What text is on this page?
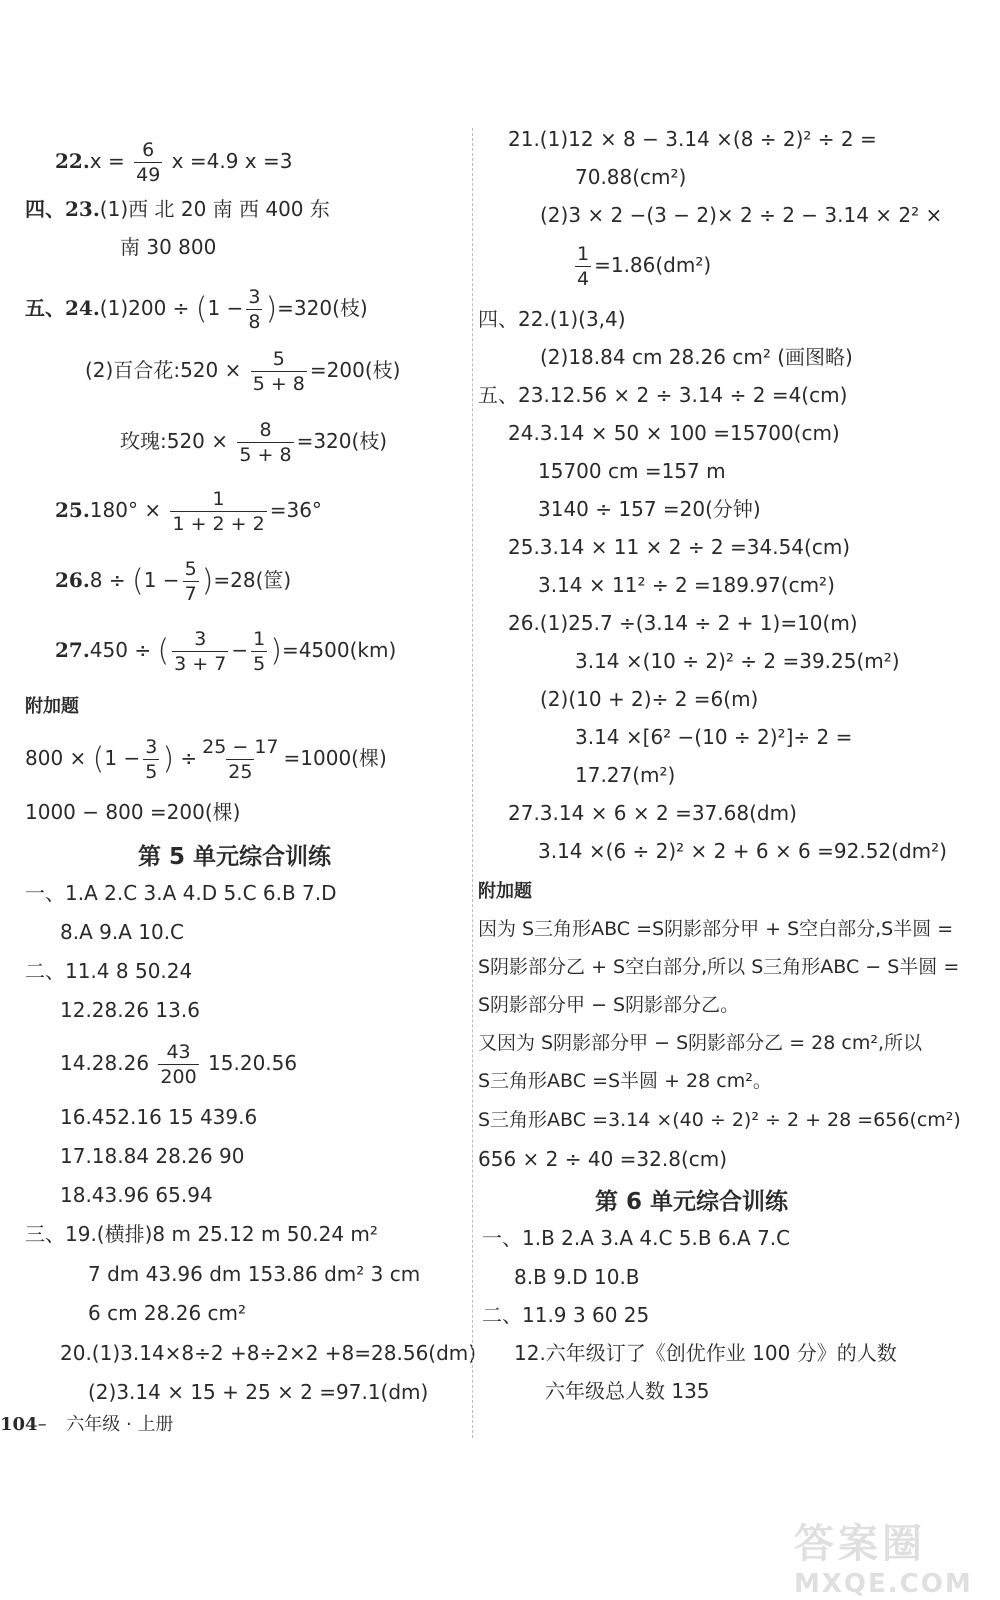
$22.x = \frac{6}{49}$ x =4.9 x =3
四、23.(1)西 北 20 南 西 400 东
南 30 800
五、$24.(1)200 \div (1 - \frac{3}{8} )=320$(枝)
(2)百合花:520 × $\frac{5}{5 + 8} =200$(枝)
玫瑰:520 × $\frac{8}{5 + 8} =320$(枝)
$25.180^\circ \times \frac{1}{1 + 2 + 2} =36^\circ$
$26.8 \div (1 - \frac{5}{7} )=28$(筐)
27.450 ÷ ( $\frac{3}{3 + 7} - \frac{1}{5} )=4500(km)$
附加题
$800 \times (1 - \frac{3}{5}$ ) ÷ $\frac{25 - 17}{25} =1000$(棵)
1000 − 800 =200(棵)
第 5 单元综合训练
一、1.A 2.C 3.A 4.D 5.C 6.B 7.D
8.A 9.A 10.C
二、11.4 8 50.24
12.28.26 13.6
$14.28.26 \frac{43}{200} 15.20.56$
16.452.16 15 439.6
17.18.84 28.26 90
18.43.96 65.94
三、19.(横排)8 m 25.12 m 50.24 m²
7 dm 43.96 dm 153.86 dm² 3 cm
6 cm 28.26 cm²
20.(1)3.14×8÷2 +8÷2×2 +8=28.56(dm)
(2)3.14 × 15 + 25 × 2 =97.1(dm)
21.(1)12 × 8 − 3.14 ×(8 ÷ 2)² ÷ 2 =
70.88(cm²)
(2)3 × 2 −(3 − 2)× 2 ÷ 2 − 3.14 × 2² ×
$\frac{1}{4} =1.86(dm^2)$
四、22.(1)(3,4)
(2)18.84 cm 28.26 cm² (画图略)
五、23.12.56 × 2 ÷ 3.14 ÷ 2 =4(cm)
24.3.14 × 50 × 100 =15700(cm)
15700 cm =157 m
3140 ÷ 157 =20(分钟)
25.3.14 × 11 × 2 ÷ 2 =34.54(cm)
3.14 × 11² ÷ 2 =189.97(cm²)
26.(1)25.7 ÷(3.14 ÷ 2 + 1)=10(m)
3.14 ×(10 ÷ 2)² ÷ 2 =39.25(m²)
(2)(10 + 2)÷ 2 =6(m)
3.14 ×[6² −(10 ÷ 2)²]÷ 2 =
17.27(m²)
27.3.14 × 6 × 2 =37.68(dm)
3.14 ×(6 ÷ 2)² × 2 + 6 × 6 =92.52(dm²)
附加题
因为 S三角形ABC =S阴影部分甲 + S空白部分,S半圆 =
S阴影部分乙 + S空白部分,所以 S三角形ABC − S半圆 =
S阴影部分甲 − S阴影部分乙。
又因为 S阴影部分甲 − S阴影部分乙 = 28 cm²,所以
S三角形ABC =S半圆 + 28 cm²。
S三角形ABC =3.14 ×(40 ÷ 2)² ÷ 2 + 28 =656(cm²)
656 × 2 ÷ 40 =32.8(cm)
第 6 单元综合训练
一、1.B 2.A 3.A 4.C 5.B 6.A 7.C
8.B 9.D 10.B
二、11.9 3 60 25
12.六年级订了《创优作业 100 分》的人数
六年级总人数 135
104– 六年级 · 上册
答案圈
MXQE.COM
